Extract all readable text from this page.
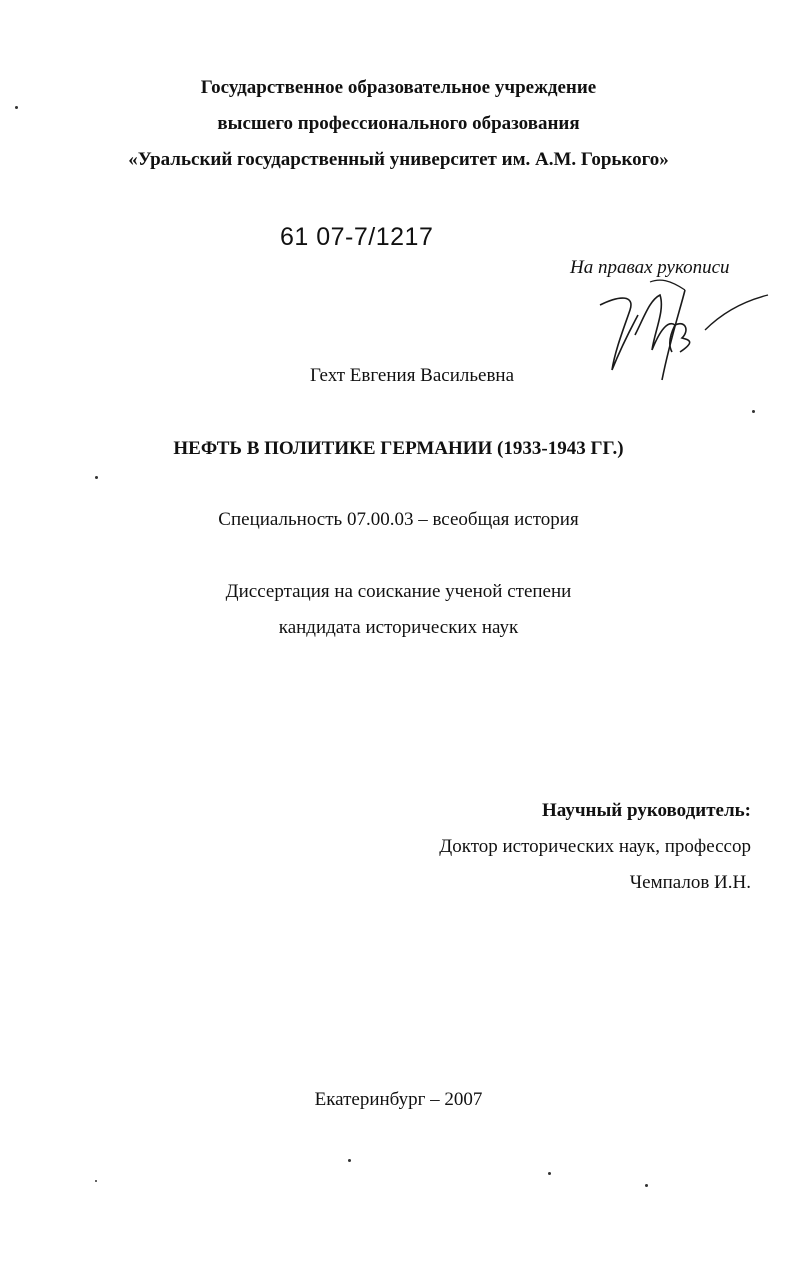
Государственное образовательное учреждение
высшего профессионального образования
«Уральский государственный университет им. А.М. Горького»
61 07-7/1217
На правах рукописи
Гехт Евгения Васильевна
НЕФТЬ В ПОЛИТИКЕ ГЕРМАНИИ (1933-1943 ГГ.)
Специальность 07.00.03 – всеобщая история
Диссертация на соискание ученой степени
кандидата исторических наук
Научный руководитель:
Доктор исторических наук, профессор
Чемпалов И.Н.
Екатеринбург – 2007
